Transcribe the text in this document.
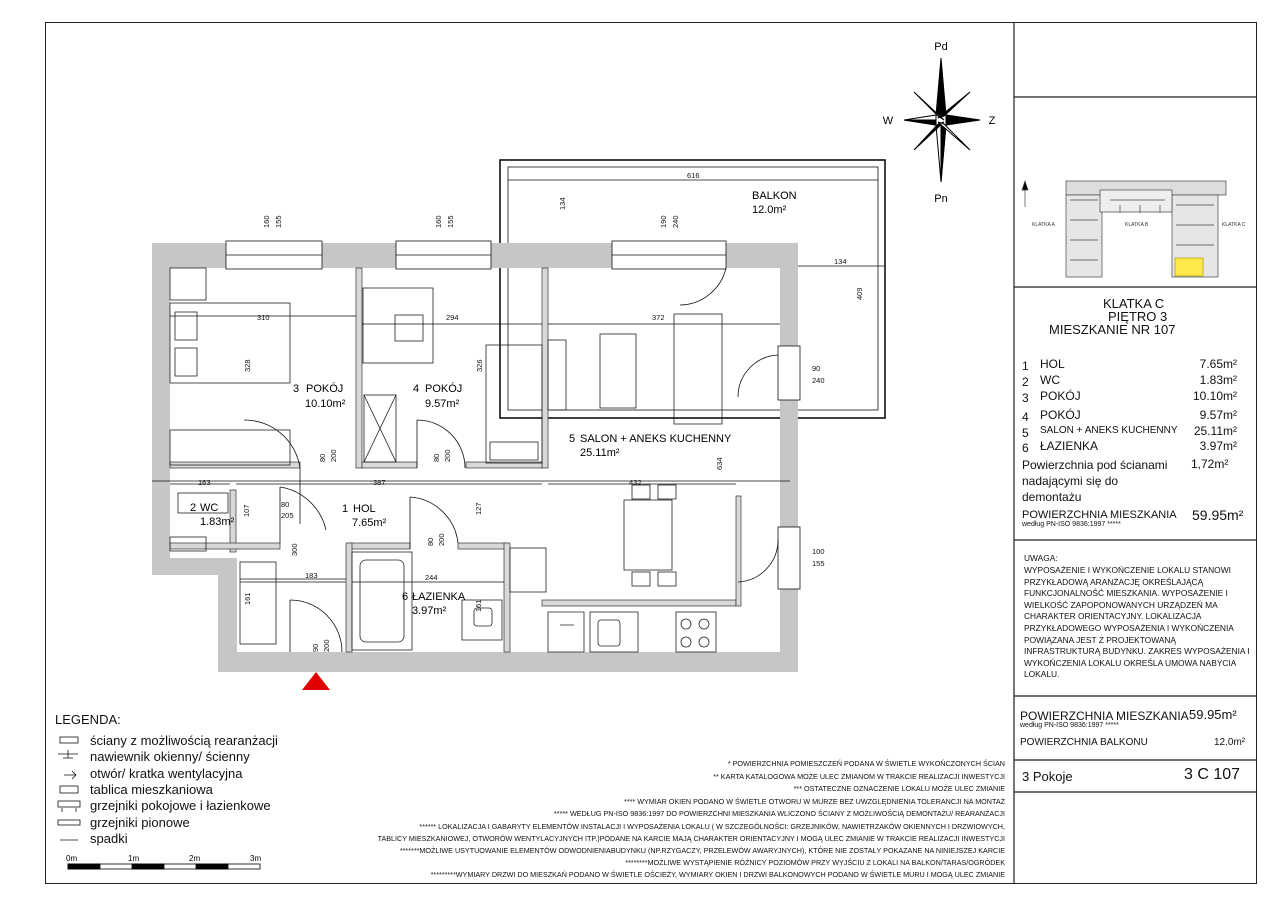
Pd
Pn
W	Z
KLATKA A	KLATKA B	KLATKA C
3 POKÓJ
10.10m²
4 POKÓJ
9.57m²
5 SALON + ANEKS KUCHENNY
25.11m²
1 HOL
7.65m²
2 WC
1.83m²
6 ŁAZIENKA
3.97m²
BALKON
12.0m²
616
134
310	294	372
163	387	432
183	244
90
240
100
155
134
409
160 155	160 155	190 240
328	326
634
107	127
161
161
300
80 200	80 200
80
205
80 200
90 200
0m	1m	2m	3m
KLATKA C
PIĘTRO 3
MIESZKANIE NR 107
1 HOL	7.65m²
2 WC	1.83m²
3 POKÓJ	10.10m²
4 POKÓJ	9.57m²
5 SALON + ANEKS KUCHENNY 25.11m²
6 ŁAZIENKA	3.97m²
Powierzchnia pod ścianami nadającymi się do demontażu
1,72m²
POWIERZCHNIA MIESZKANIA
według PN-ISO 9836:1997 *****
59.95m²
UWAGA:
WYPOSAŻENIE I WYKOŃCZENIE LOKALU STANOWI PRZYKŁADOWĄ ARANŻACJĘ OKREŚLAJĄCĄ FUNKCJONALNOŚĆ MIESZKANIA. WYPOSAŻENIE I WIELKOŚĆ ZAPOPONOWANYCH URZĄDZEŃ MA CHARAKTER ORIENTACYJNY. LOKALIZACJA PRZYKŁADOWEGO WYPOSAŻENIA I WYKOŃCZENIA POWIĄZANA JEST Z PROJEKTOWANĄ INFRASTRUKTURĄ BUDYNKU. ZAKRES WYPOSAŻENIA I WYKOŃCZENIA LOKALU OKREŚLA UMOWA NABYCIA LOKALU.
POWIERZCHNIA MIESZKANIA 59.95m²
według PN-ISO 9836:1997 *****
POWIERZCHNIA BALKONU	12.0m²
3 Pokoje	3 C 107
LEGENDA:
ściany z możliwością rearanżacji
nawiewnik okienny/ ścienny
otwór/ kratka wentylacyjna
tablica mieszkaniowa
grzejniki pokojowe i łazienkowe
grzejniki pionowe
spadki
* POWIERZCHNIA POMIESZCZEŃ PODANA W ŚWIETLE WYKOŃCZONYCH ŚCIAN
** KARTA KATALOGOWA MOŻE ULEC ZMIANOM W TRAKCIE REALIZACJI INWESTYCJI
*** OSTATECZNE OZNACZENIE LOKALU MOŻE ULEC ZMIANIE
**** WYMIAR OKIEN PODANO W ŚWIETLE OTWORU W MURZE BEZ UWZGLĘDNIENIA TOLERANCJI NA MONTAŻ
***** WEDŁUG PN-ISO 9836:1997 DO POWIERZCHNI MIESZKANIA WLICZONO ŚCIANY Z MOŻLIWOŚCIĄ DEMONTAŻU/ REARANŻACJI
****** LOKALIZACJA I GABARYTY ELEMENTÓW INSTALACJI I WYPOSAŻENIA LOKALU ( W SZCZEGÓLNOŚCI: GRZEJNIKÓW, NAWIETRZAKÓW OKIENNYCH I DRZWIOWYCH,
TABLICY MIESZKANIOWEJ, OTWORÓW WENTYLACYJNYCH ITP.)PODANE NA KARCIE MAJĄ CHARAKTER ORIENTACYJNY I MOGĄ ULEC ZMIANIE W TRAKCIE REALIZACJI INWESTYCJI
*******MOŻLIWE USYTUOWANIE ELEMENTÓW ODWODNIENIABUDYNKU (NP.RZYGACZY, PRZELEWÓW AWARYJNYCH), KTÓRE NIE ZOSTAŁY POKAZANE NA NINIEJSZEJ KARCIE
********MOŻLIWE WYSTĄPIENIE RÓŻNICY POZIOMÓW PRZY WYJŚCIU Z LOKALI NA BALKON/TARAS/OGRÓDEK
*********WYMIARY DRZWI DO MIESZKAŃ PODANO W ŚWIETLE OŚCIEŻY, WYMIARY OKIEN I DRZWI BALKONOWYCH PODANO W ŚWIETLE MURU I MOGĄ ULEC ZMIANIE
